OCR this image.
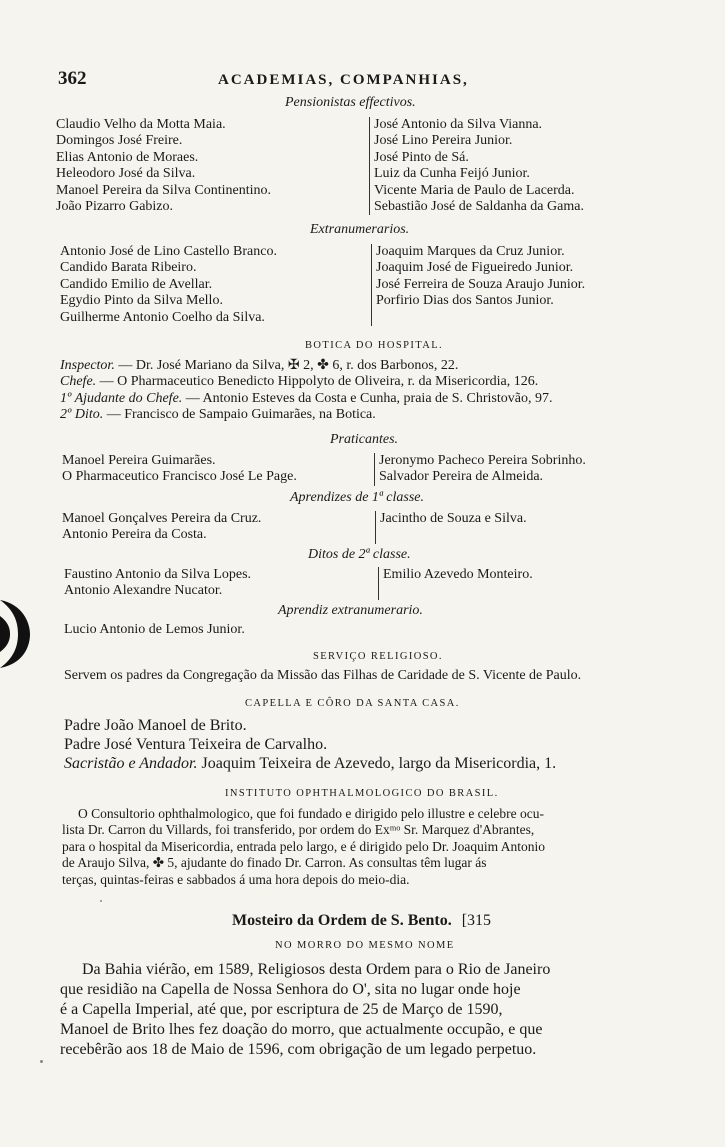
362	ACADEMIAS, COMPANHIAS,
Pensionistas effectivos.
Claudio Velho da Motta Maia.
Domingos José Freire.
Elias Antonio de Moraes.
Heleodoro José da Silva.
Manoel Pereira da Silva Continentino.
João Pizarro Gabizo.
José Antonio da Silva Vianna.
José Lino Pereira Junior.
José Pinto de Sá.
Luiz da Cunha Feijó Junior.
Vicente Maria de Paulo de Lacerda.
Sebastião José de Saldanha da Gama.
Extranumerarios.
Antonio José de Lino Castello Branco.
Candido Barata Ribeiro.
Candido Emilio de Avellar.
Egydio Pinto da Silva Mello.
Guilherme Antonio Coelho da Silva.
Joaquim Marques da Cruz Junior.
Joaquim José de Figueiredo Junior.
José Ferreira de Souza Araujo Junior.
Porfirio Dias dos Santos Junior.
BOTICA DO HOSPITAL.
Inspector. — Dr. José Mariano da Silva, ✠ 2, ✤ 6, r. dos Barbonos, 22.
Chefe. — O Pharmaceutico Benedicto Hippolyto de Oliveira, r. da Misericordia, 126.
1º Ajudante do Chefe. — Antonio Esteves da Costa e Cunha, praia de S. Christovão, 97.
2º Dito. — Francisco de Sampaio Guimarães, na Botica.
Praticantes.
Manoel Pereira Guimarães.
O Pharmaceutico Francisco José Le Page.
Jeronymo Pacheco Pereira Sobrinho.
Salvador Pereira de Almeida.
Aprendizes de 1ª classe.
Manoel Gonçalves Pereira da Cruz.
Antonio Pereira da Costa.
Jacintho de Souza e Silva.
Ditos de 2ª classe.
Faustino Antonio da Silva Lopes.
Antonio Alexandre Nucator.
Emilio Azevedo Monteiro.
Aprendiz extranumerario.
Lucio Antonio de Lemos Junior.
SERVIÇO RELIGIOSO.
Servem os padres da Congregação da Missão das Filhas de Caridade de S. Vicente de Paulo.
CAPELLA E CÔRO DA SANTA CASA.
Padre João Manoel de Brito.
Padre José Ventura Teixeira de Carvalho.
Sacristão e Andador. Joaquim Teixeira de Azevedo, largo da Misericordia, 1.
INSTITUTO OPHTHALMOLOGICO DO BRASIL.
O Consultorio ophthalmologico, que foi fundado e dirigido pelo illustre e celebre ocu-
lista Dr. Carron du Villards, foi transferido, por ordem do Exᵐᵒ Sr. Marquez d'Abrantes,
para o hospital da Misericordia, entrada pelo largo, e é dirigido pelo Dr. Joaquim Antonio
de Araujo Silva, ✤ 5, ajudante do finado Dr. Carron. As consultas têm lugar ás
terças, quintas-feiras e sabbados á uma hora depois do meio-dia.
Mosteiro da Ordem de S. Bento. [315
NO MORRO DO MESMO NOME
Da Bahia viérão, em 1589, Religiosos desta Ordem para o Rio de Janeiro
que residião na Capella de Nossa Senhora do O', sita no lugar onde hoje
é a Capella Imperial, até que, por escriptura de 25 de Março de 1590,
Manoel de Brito lhes fez doação do morro, que actualmente occupão, e que
recebêrão aos 18 de Maio de 1596, com obrigação de um legado perpetuo.
